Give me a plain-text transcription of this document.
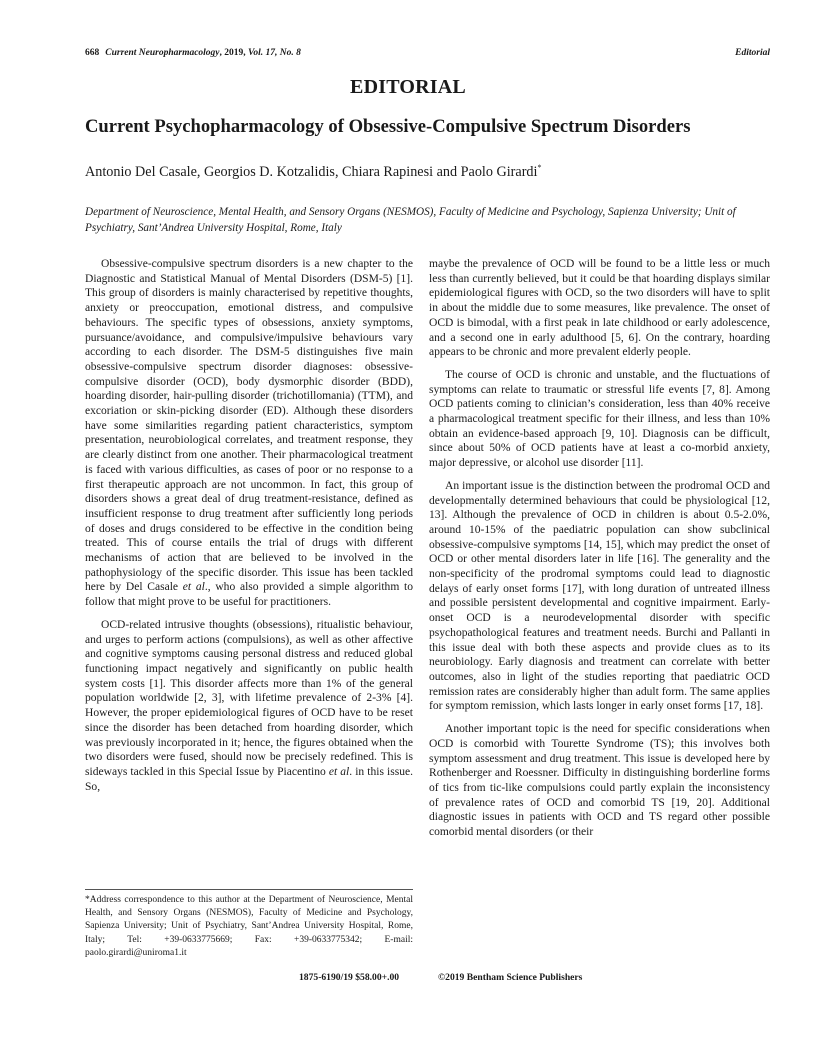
668 Current Neuropharmacology, 2019, Vol. 17, No. 8	Editorial
EDITORIAL
Current Psychopharmacology of Obsessive-Compulsive Spectrum Disorders
Antonio Del Casale, Georgios D. Kotzalidis, Chiara Rapinesi and Paolo Girardi*
Department of Neuroscience, Mental Health, and Sensory Organs (NESMOS), Faculty of Medicine and Psychology, Sapienza University; Unit of Psychiatry, Sant’Andrea University Hospital, Rome, Italy

Obsessive-compulsive spectrum disorders is a new chapter to the Diagnostic and Statistical Manual of Mental Disorders (DSM-5) [1]. This group of disorders is mainly characterised by repetitive thoughts, anxiety or preoccupation, emotional distress, and compulsive behaviours. The specific types of obsessions, anxiety symptoms, pursuance/avoidance, and compulsive/impulsive behaviours vary according to each disorder. The DSM-5 distinguishes five main obsessive-compulsive spectrum disorder diagnoses: obsessive-compulsive disorder (OCD), body dysmorphic disorder (BDD), hoarding disorder, hair-pulling disorder (trichotillomania) (TTM), and excoriation or skin-picking disorder (ED). Although these disorders have some similarities regarding patient characteristics, symptom presentation, neurobiological correlates, and treatment response, they are clearly distinct from one another. Their pharmacological treatment is faced with various difficulties, as cases of poor or no response to a first therapeutic approach are not uncommon. In fact, this group of disorders shows a great deal of drug treatment-resistance, defined as insufficient response to drug treatment after sufficiently long periods of doses and drugs considered to be effective in the condition being treated. This of course entails the trial of drugs with different mechanisms of action that are believed to be involved in the pathophysiology of the specific disorder. This issue has been tackled here by Del Casale et al., who also provided a simple algorithm to follow that might prove to be useful for practitioners.

OCD-related intrusive thoughts (obsessions), ritualistic behaviour, and urges to perform actions (compulsions), as well as other affective and cognitive symptoms causing personal distress and reduced global functioning impact negatively and significantly on public health system costs [1]. This disorder affects more than 1% of the general population worldwide [2, 3], with lifetime prevalence of 2-3% [4]. However, the proper epidemiological figures of OCD have to be reset since the disorder has been detached from hoarding disorder, which was previously incorporated in it; hence, the figures obtained when the two disorders were fused, should now be precisely redefined. This is sideways tackled in this Special Issue by Piacentino et al. in this issue. So,

maybe the prevalence of OCD will be found to be a little less or much less than currently believed, but it could be that hoarding displays similar epidemiological figures with OCD, so the two disorders will have to split in about the middle due to some measures, like prevalence. The onset of OCD is bimodal, with a first peak in late childhood or early adolescence, and a second one in early adulthood [5, 6]. On the contrary, hoarding appears to be chronic and more prevalent elderly people.

The course of OCD is chronic and unstable, and the fluctuations of symptoms can relate to traumatic or stressful life events [7, 8]. Among OCD patients coming to clinician’s consideration, less than 40% receive a pharmacological treatment specific for their illness, and less than 10% obtain an evidence-based approach [9, 10]. Diagnosis can be difficult, since about 50% of OCD patients have at least a co-morbid anxiety, major depressive, or alcohol use disorder [11].

An important issue is the distinction between the prodromal OCD and developmentally determined behaviours that could be physiological [12, 13]. Although the prevalence of OCD in children is about 0.5-2.0%, around 10-15% of the paediatric population can show subclinical obsessive-compulsive symptoms [14, 15], which may predict the onset of OCD or other mental disorders later in life [16]. The generality and the non-specificity of the prodromal symptoms could lead to diagnostic delays of early onset forms [17], with long duration of untreated illness and possible persistent developmental and cognitive impairment. Early-onset OCD is a neurodevelopmental disorder with specific psychopathological features and treatment needs. Burchi and Pallanti in this issue deal with both these aspects and provide clues as to its neurobiology. Early diagnosis and treatment can correlate with better outcomes, also in light of the studies reporting that paediatric OCD remission rates are considerably higher than adult form. The same applies for symptom remission, which lasts longer in early onset forms [17, 18].

Another important topic is the need for specific considerations when OCD is comorbid with Tourette Syndrome (TS); this involves both symptom assessment and drug treatment. This issue is developed here by Rothenberger and Roessner. Difficulty in distinguishing borderline forms of tics from tic-like compulsions could partly explain the inconsistency of prevalence rates of OCD and comorbid TS [19, 20]. Additional diagnostic issues in patients with OCD and TS regard other possible comorbid mental disorders (or their

*Address correspondence to this author at the Department of Neuroscience, Mental Health, and Sensory Organs (NESMOS), Faculty of Medicine and Psychology, Sapienza University; Unit of Psychiatry, Sant’Andrea University Hospital, Rome, Italy; Tel: +39-0633775669; Fax: +39-0633775342; E-mail: paolo.girardi@uniroma1.it
1875-6190/19 $58.00+.00	©2019 Bentham Science Publishers
